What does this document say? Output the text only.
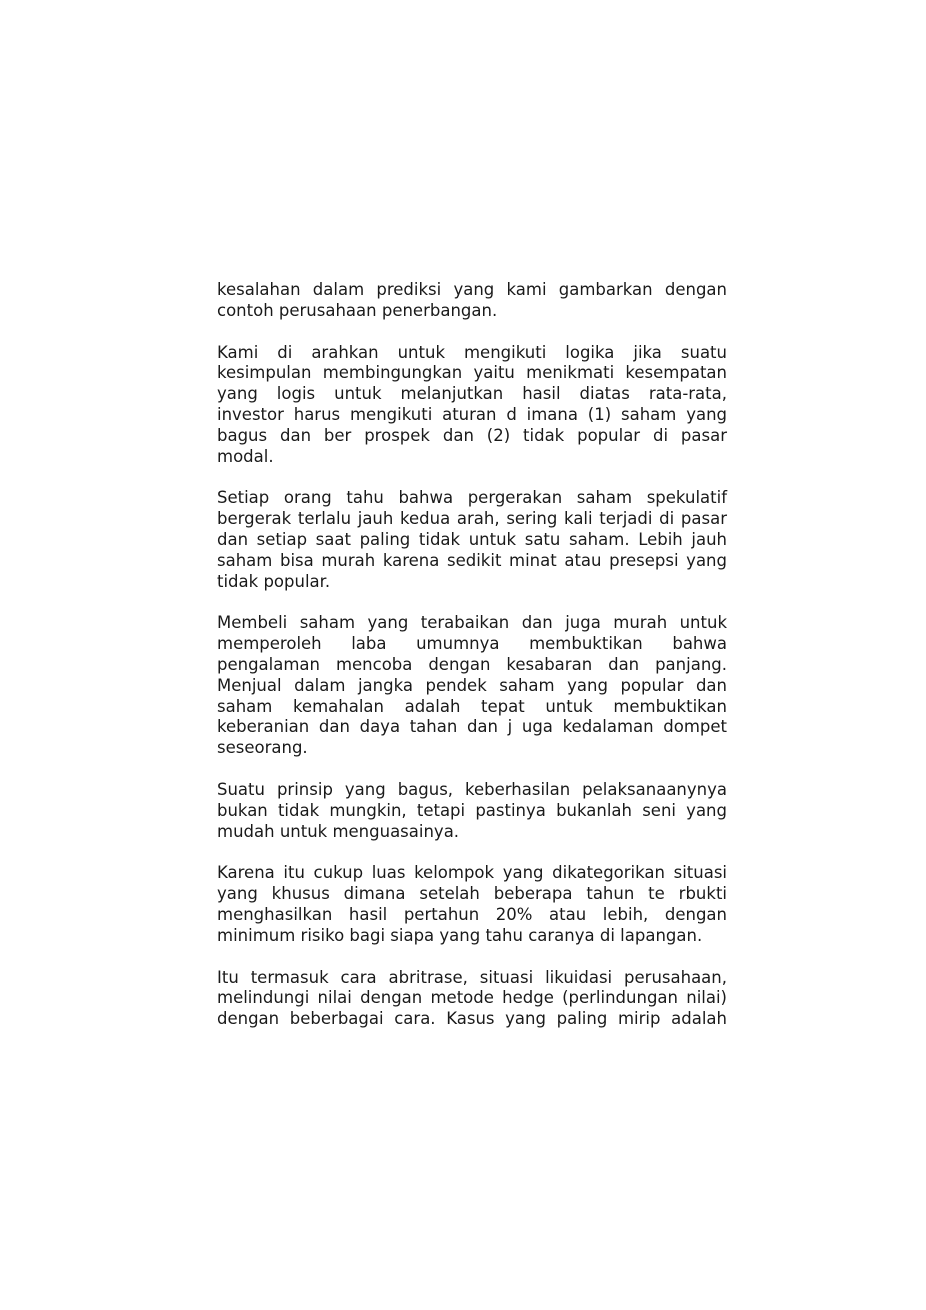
kesalahan dalam prediksi yang kami gambarkan dengan
contoh perusahaan penerbangan.

Kami di arahkan untuk mengikuti logika jika suatu
kesimpulan membingungkan yaitu menikmati kesempatan
yang logis untuk melanjutkan hasil diatas rata-rata,
investor harus mengikuti aturan d imana (1) saham yang
bagus dan ber prospek dan (2) tidak popular di pasar
modal.

Setiap orang tahu bahwa pergerakan saham spekulatif
bergerak terlalu jauh kedua arah, sering kali terjadi di pasar
dan setiap saat paling tidak untuk satu saham. Lebih jauh
saham bisa murah karena sedikit minat atau presepsi yang
tidak popular.

Membeli saham yang terabaikan dan juga murah untuk
memperoleh laba umumnya membuktikan bahwa
pengalaman mencoba dengan kesabaran dan panjang.
Menjual dalam jangka pendek saham yang popular dan
saham kemahalan adalah tepat untuk membuktikan
keberanian dan daya tahan dan j uga kedalaman dompet
seseorang.

Suatu prinsip yang bagus, keberhasilan pelaksanaanynya
bukan tidak mungkin, tetapi pastinya bukanlah seni yang
mudah untuk menguasainya.

Karena itu cukup luas kelompok yang dikategorikan situasi
yang khusus dimana setelah beberapa tahun te rbukti
menghasilkan hasil pertahun 20% atau lebih, dengan
minimum risiko bagi siapa yang tahu caranya di lapangan.

Itu termasuk cara abritrase, situasi likuidasi perusahaan,
melindungi nilai dengan metode hedge (perlindungan nilai)
dengan beberbagai cara. Kasus yang paling mirip adalah
